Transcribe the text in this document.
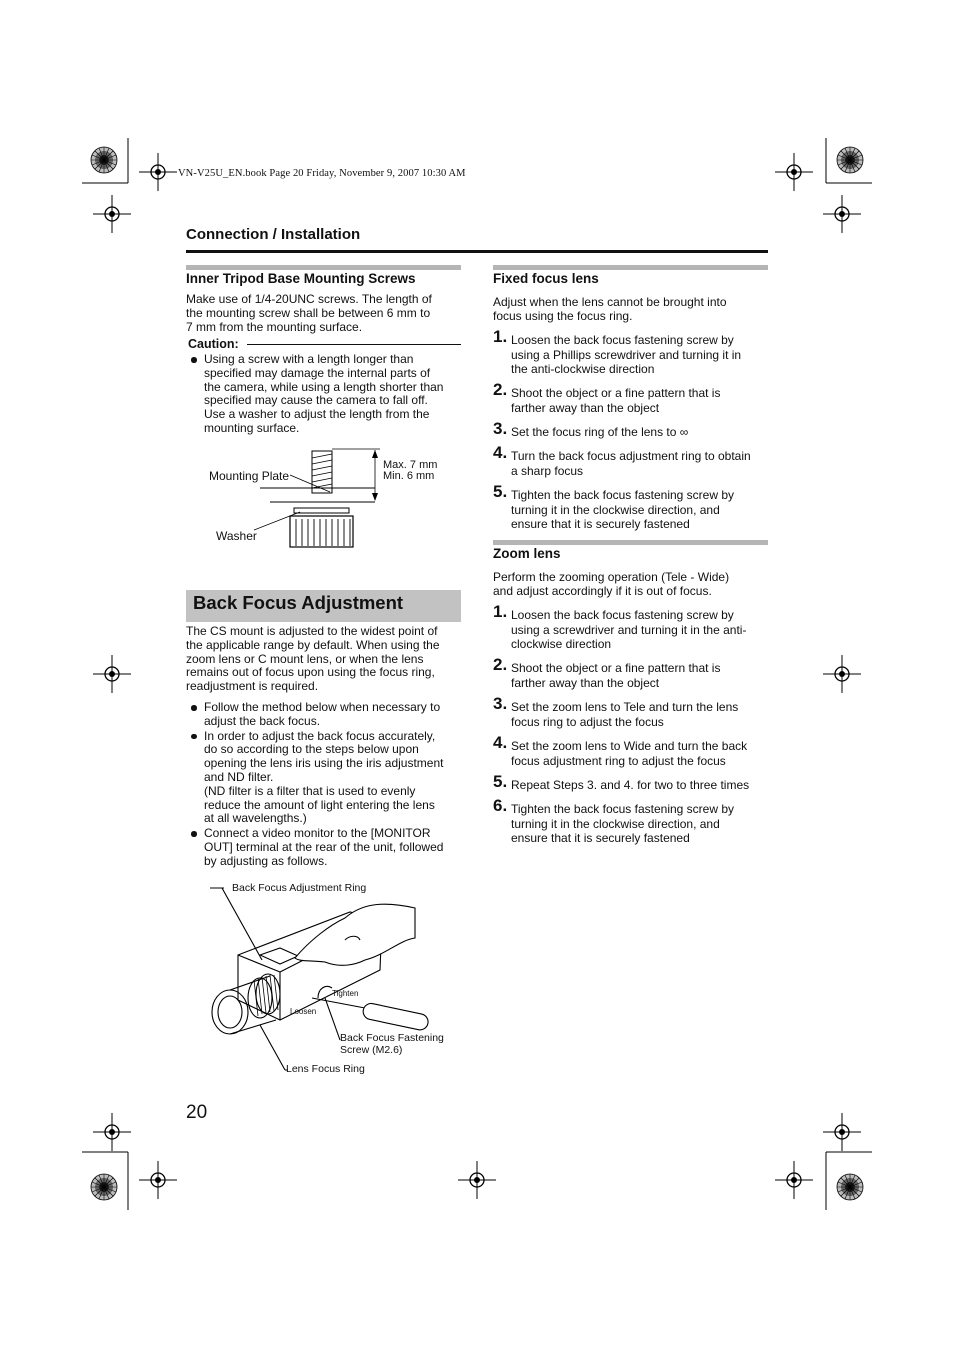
VN-V25U_EN.book Page 20 Friday, November 9, 2007 10:30 AM
Connection / Installation
Inner Tripod Base Mounting Screws
Make use of 1/4-20UNC screws. The length of
the mounting screw shall be between 6 mm to
7 mm from the mounting surface.
Caution:
Using a screw with a length longer than
specified may damage the internal parts of
the camera, while using a length shorter than
specified may cause the camera to fall off.
Use a washer to adjust the length from the
mounting surface.
Mounting Plate
Washer
Max. 7 mm
Min. 6 mm
Back Focus Adjustment
The CS mount is adjusted to the widest point of
the applicable range by default. When using the
zoom lens or C mount lens, or when the lens
remains out of focus upon using the focus ring,
readjustment is required.
Follow the method below when necessary to
adjust the back focus.
In order to adjust the back focus accurately,
do so according to the steps below upon
opening the lens iris using the iris adjustment
and ND filter.
(ND filter is a filter that is used to evenly
reduce the amount of light entering the lens
at all wavelengths.)
Connect a video monitor to the [MONITOR
OUT] terminal at the rear of the unit, followed
by adjusting as follows.
Back Focus Adjustment Ring
Tighten
Loosen
Back Focus Fastening
Screw (M2.6)
Lens Focus Ring
Fixed focus lens
Adjust when the lens cannot be brought into
focus using the focus ring.
1. Loosen the back focus fastening screw by
using a Phillips screwdriver and turning it in
the anti-clockwise direction
2. Shoot the object or a fine pattern that is
farther away than the object
3. Set the focus ring of the lens to ∞
4. Turn the back focus adjustment ring to obtain
a sharp focus
5. Tighten the back focus fastening screw by
turning it in the clockwise direction, and
ensure that it is securely fastened
Zoom lens
Perform the zooming operation (Tele - Wide)
and adjust accordingly if it is out of focus.
1. Loosen the back focus fastening screw by
using a screwdriver and turning it in the anti-
clockwise direction
2. Shoot the object or a fine pattern that is
farther away than the object
3. Set the zoom lens to Tele and turn the lens
focus ring to adjust the focus
4. Set the zoom lens to Wide and turn the back
focus adjustment ring to adjust the focus
5. Repeat Steps 3. and 4. for two to three times
6. Tighten the back focus fastening screw by
turning it in the clockwise direction, and
ensure that it is securely fastened
20
